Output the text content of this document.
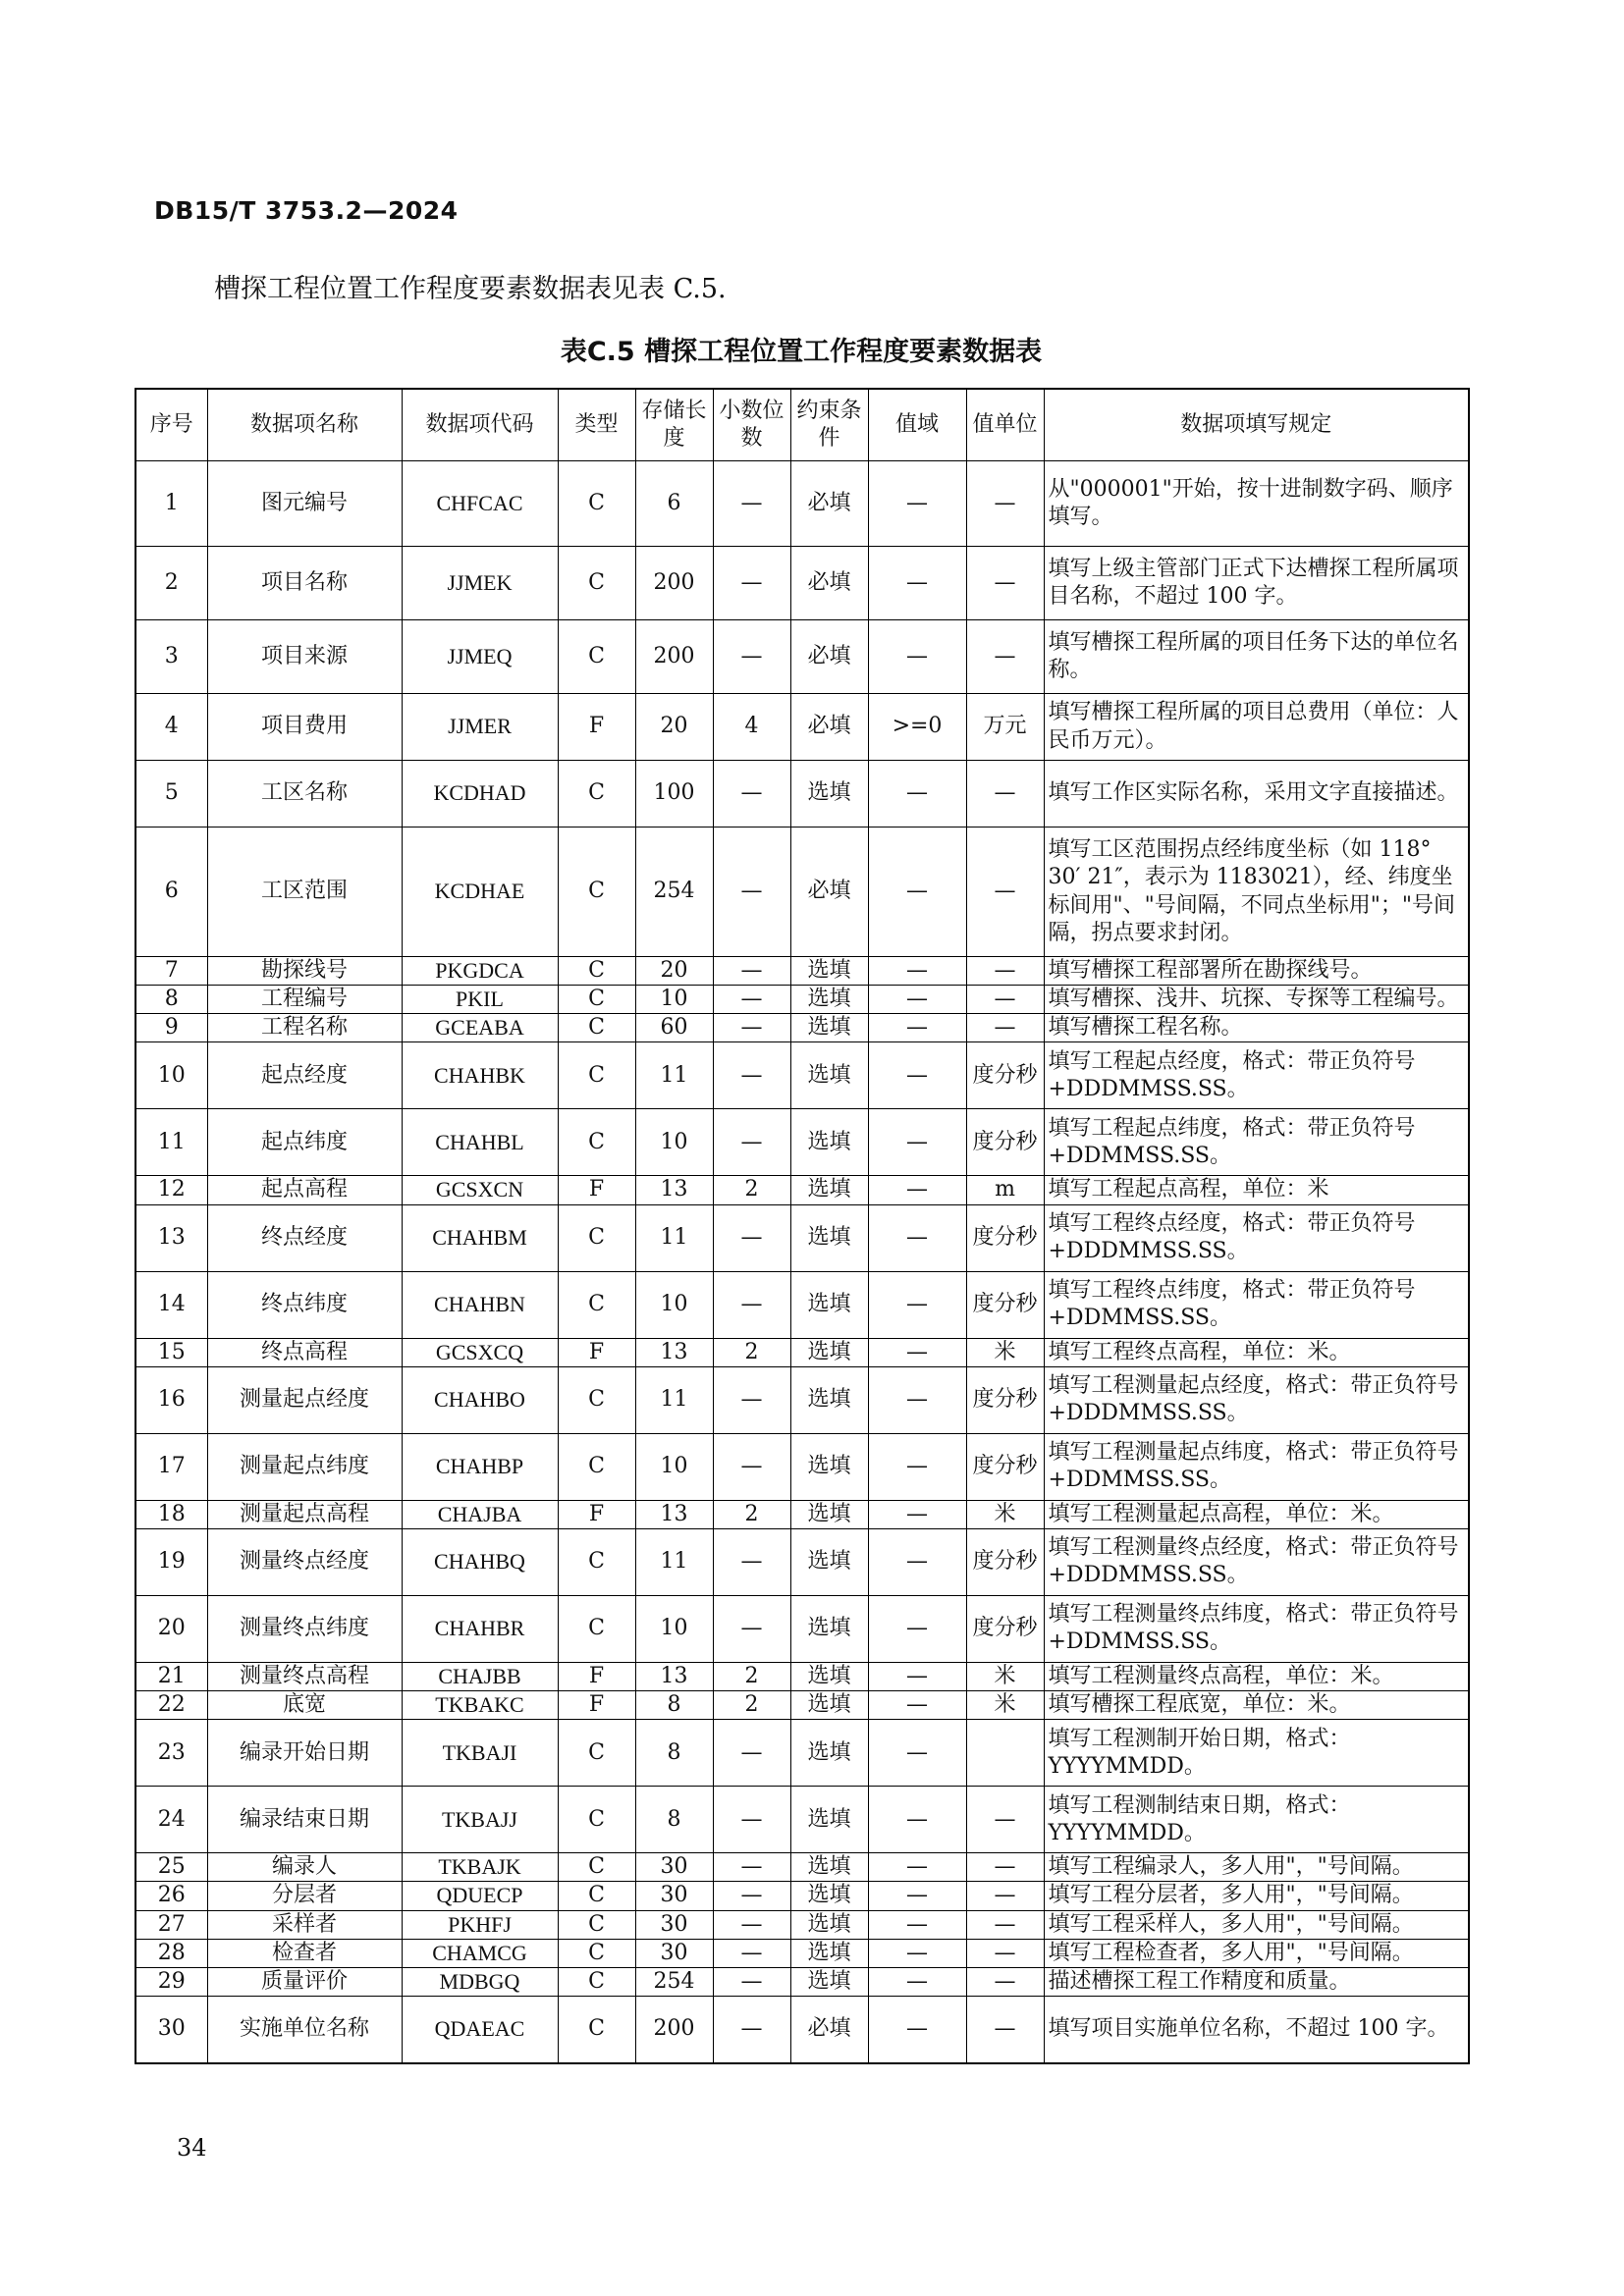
DB15/T 3753.2—2024
槽探工程位置工作程度要素数据表见表 C.5.
表C.5 槽探工程位置工作程度要素数据表
序号	数据项名称	数据项代码	类型	存储长度	小数位数	约束条件	值域	值单位	数据项填写规定
1	图元编号	CHFCAC	C	6	—	必填	—	—	从"000001"开始，按十进制数字码、顺序填写。
2	项目名称	JJMEK	C	200	—	必填	—	—	填写上级主管部门正式下达槽探工程所属项目名称，不超过 100 字。
3	项目来源	JJMEQ	C	200	—	必填	—	—	填写槽探工程所属的项目任务下达的单位名称。
4	项目费用	JJMER	F	20	4	必填	>=0	万元	填写槽探工程所属的项目总费用（单位：人民币万元）。
5	工区名称	KCDHAD	C	100	—	选填	—	—	填写工作区实际名称，采用文字直接描述。
6	工区范围	KCDHAE	C	254	—	必填	—	—	填写工区范围拐点经纬度坐标（如 118° 30′ 21″，表示为 1183021），经、纬度坐标间用"、"号间隔，不同点坐标用"；"号间隔，拐点要求封闭。
7	勘探线号	PKGDCA	C	20	—	选填	—	—	填写槽探工程部署所在勘探线号。
8	工程编号	PKIL	C	10	—	选填	—	—	填写槽探、浅井、坑探、专探等工程编号。
9	工程名称	GCEABA	C	60	—	选填	—	—	填写槽探工程名称。
10	起点经度	CHAHBK	C	11	—	选填	—	度分秒	填写工程起点经度，格式：带正负符号+DDDMMSS.SS。
11	起点纬度	CHAHBL	C	10	—	选填	—	度分秒	填写工程起点纬度，格式：带正负符号+DDMMSS.SS。
12	起点高程	GCSXCN	F	13	2	选填	—	m	填写工程起点高程，单位：米
13	终点经度	CHAHBM	C	11	—	选填	—	度分秒	填写工程终点经度，格式：带正负符号+DDDMMSS.SS。
14	终点纬度	CHAHBN	C	10	—	选填	—	度分秒	填写工程终点纬度，格式：带正负符号+DDMMSS.SS。
15	终点高程	GCSXCQ	F	13	2	选填	—	米	填写工程终点高程，单位：米。
16	测量起点经度	CHAHBO	C	11	—	选填	—	度分秒	填写工程测量起点经度，格式：带正负符号+DDDMMSS.SS。
17	测量起点纬度	CHAHBP	C	10	—	选填	—	度分秒	填写工程测量起点纬度，格式：带正负符号+DDMMSS.SS。
18	测量起点高程	CHAJBA	F	13	2	选填	—	米	填写工程测量起点高程，单位：米。
19	测量终点经度	CHAHBQ	C	11	—	选填	—	度分秒	填写工程测量终点经度，格式：带正负符号+DDDMMSS.SS。
20	测量终点纬度	CHAHBR	C	10	—	选填	—	度分秒	填写工程测量终点纬度，格式：带正负符号+DDMMSS.SS。
21	测量终点高程	CHAJBB	F	13	2	选填	—	米	填写工程测量终点高程，单位：米。
22	底宽	TKBAKC	F	8	2	选填	—	米	填写槽探工程底宽，单位：米。
23	编录开始日期	TKBAJI	C	8	—	选填	—		填写工程测制开始日期，格式：YYYYMMDD。
24	编录结束日期	TKBAJJ	C	8	—	选填	—	—	填写工程测制结束日期，格式：YYYYMMDD。
25	编录人	TKBAJK	C	30	—	选填	—	—	填写工程编录人，多人用"，"号间隔。
26	分层者	QDUECP	C	30	—	选填	—	—	填写工程分层者，多人用"，"号间隔。
27	采样者	PKHFJ	C	30	—	选填	—	—	填写工程采样人，多人用"，"号间隔。
28	检查者	CHAMCG	C	30	—	选填	—	—	填写工程检查者，多人用"，"号间隔。
29	质量评价	MDBGQ	C	254	—	选填	—	—	描述槽探工程工作精度和质量。
30	实施单位名称	QDAEAC	C	200	—	必填	—	—	填写项目实施单位名称，不超过 100 字。
34
